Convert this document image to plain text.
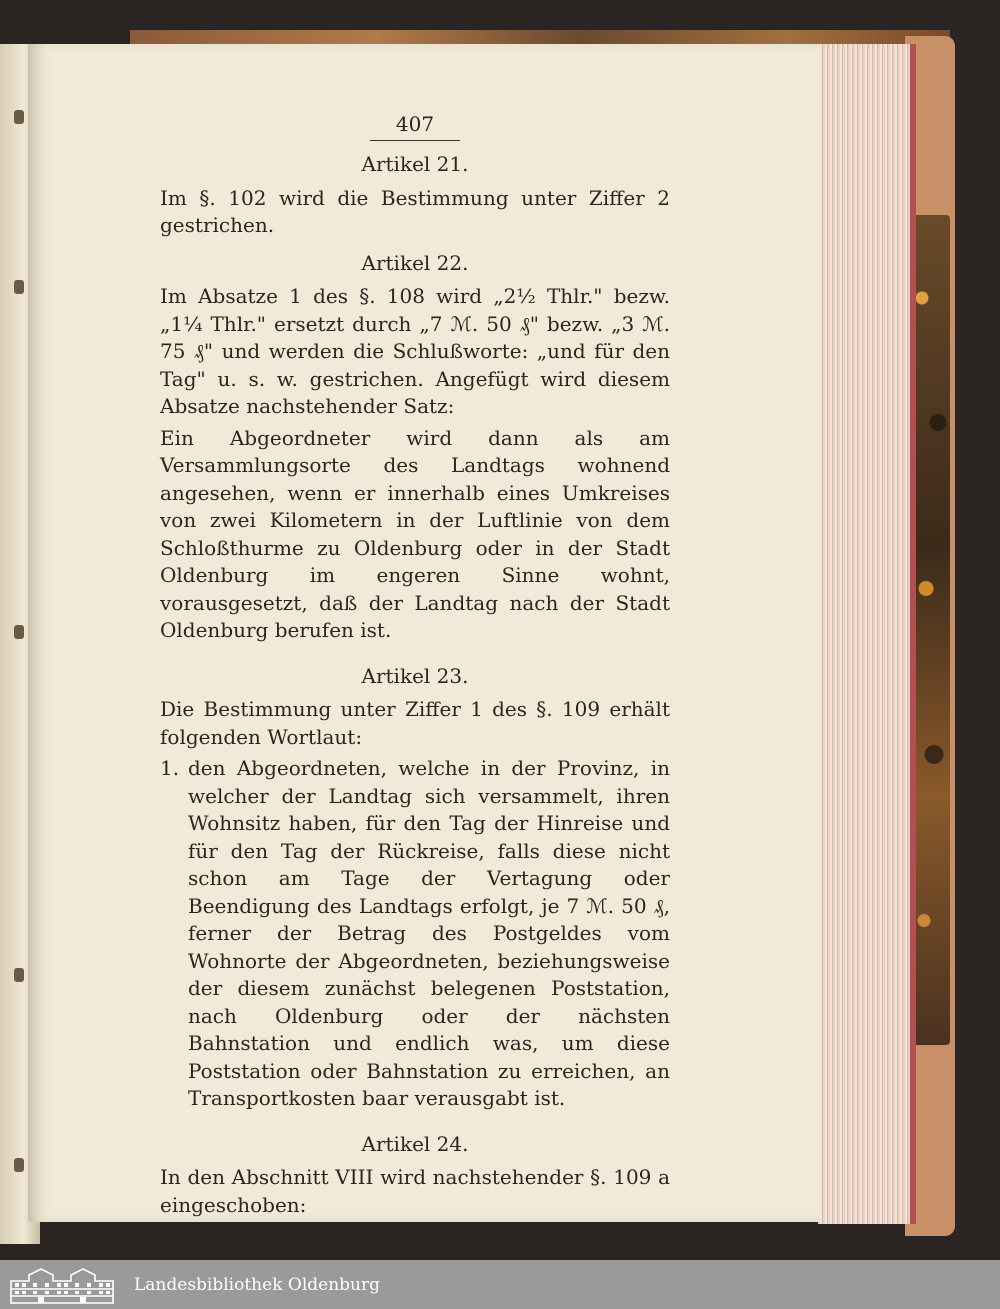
407
Artikel 21.

Im §. 102 wird die Bestimmung unter Ziffer 2 gestrichen.

Artikel 22.

Im Absatze 1 des §. 108 wird „2½ Thlr." bezw. „1¼ Thlr." ersetzt durch „7 ℳ. 50 ₰" bezw. „3 ℳ. 75 ₰" und werden die Schlußworte: „und für den Tag" u. s. w. gestrichen. Angefügt wird diesem Absatze nachstehender Satz:

Ein Abgeordneter wird dann als am Versammlungsorte des Landtags wohnend angesehen, wenn er innerhalb eines Umkreises von zwei Kilometern in der Luftlinie von dem Schloßthurme zu Oldenburg oder in der Stadt Oldenburg im engeren Sinne wohnt, vorausgesetzt, daß der Landtag nach der Stadt Oldenburg berufen ist.

Artikel 23.

Die Bestimmung unter Ziffer 1 des §. 109 erhält folgenden Wortlaut:

1. den Abgeordneten, welche in der Provinz, in welcher der Landtag sich versammelt, ihren Wohnsitz haben, für den Tag der Hinreise und für den Tag der Rückreise, falls diese nicht schon am Tage der Vertagung oder Beendigung des Landtags erfolgt, je 7 ℳ. 50 ₰, ferner der Betrag des Postgeldes vom Wohnorte der Abgeordneten, beziehungsweise der diesem zunächst belegenen Poststation, nach Oldenburg oder der nächsten Bahnstation und endlich was, um diese Poststation oder Bahnstation zu erreichen, an Transportkosten baar verausgabt ist.
Artikel 24.

In den Abschnitt VIII wird nachstehender §. 109 a eingeschoben:

Landesbibliothek Oldenburg
